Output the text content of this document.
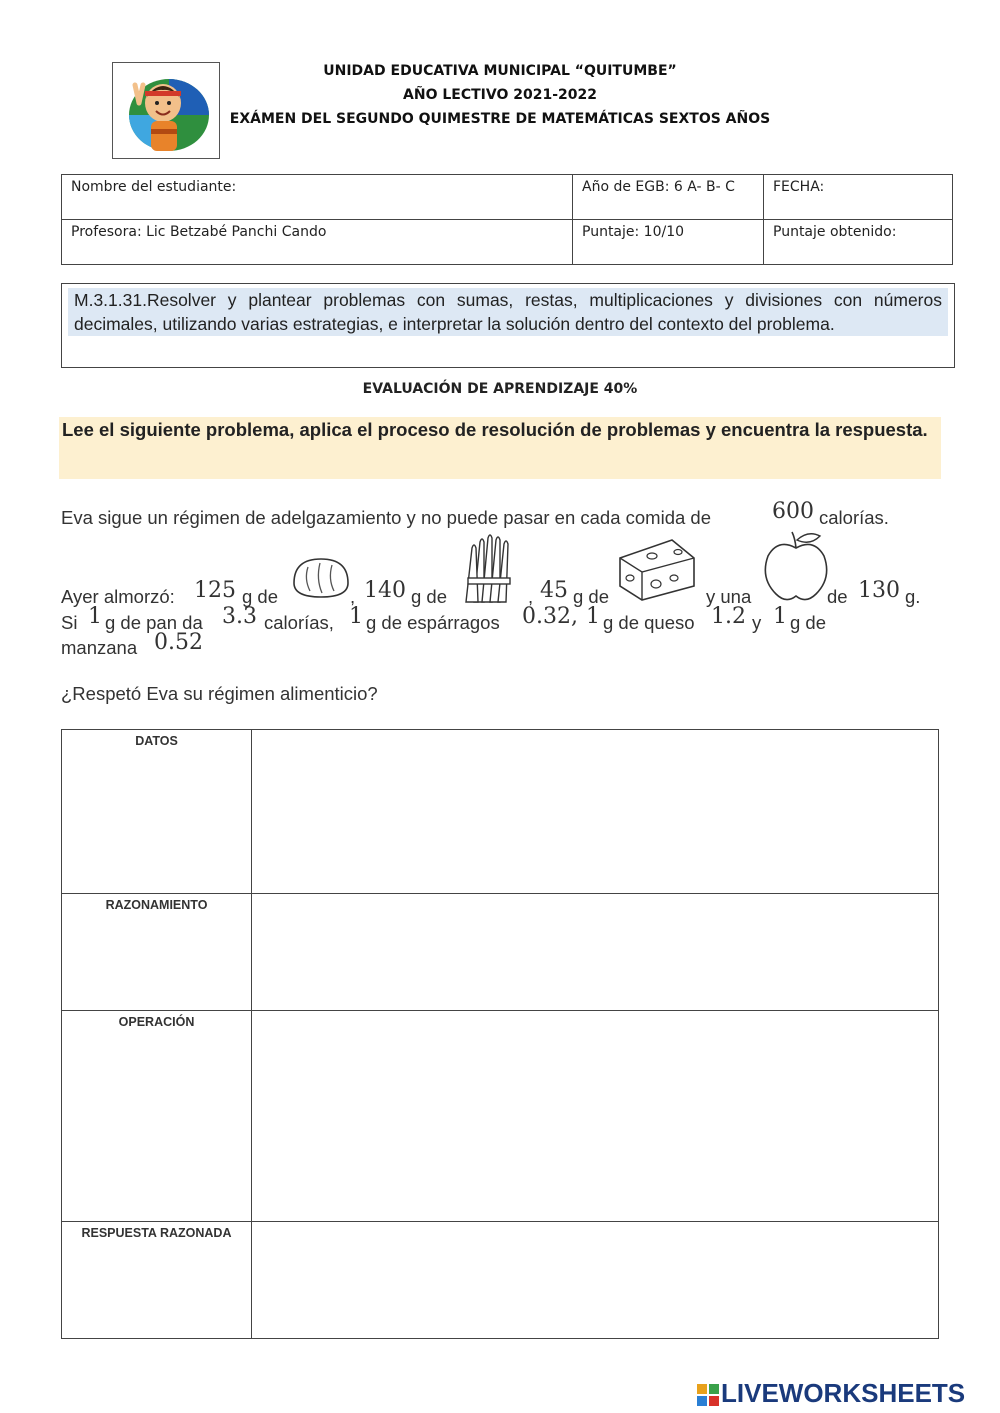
UNIDAD EDUCATIVA MUNICIPAL “QUITUMBE”
AÑO LECTIVO 2021-2022
EXÁMEN DEL SEGUNDO QUIMESTRE DE MATEMÁTICAS SEXTOS AÑOS
Nombre del estudiante:	Año de EGB: 6 A- B- C	FECHA:
Profesora: Lic Betzabé Panchi Cando	Puntaje: 10/10	Puntaje obtenido:
M.3.1.31.Resolver y plantear problemas con sumas, restas, multiplicaciones y divisiones con números decimales, utilizando varias estrategias, e interpretar la solución dentro del contexto del problema.
EVALUACIÓN DE APRENDIZAJE 40%
Lee el siguiente problema, aplica el proceso de resolución de problemas y encuentra la respuesta.
Eva sigue un régimen de adelgazamiento y no puede pasar en cada comida de	600 calorías.
Ayer almorzó: 125 g de	, 140 g de	, 45 g de	y una	de 130 g.
Si 1 g de pan da 3.3 calorías, 1 g de espárragos 0.32, 1 g de queso 1.2 y 1 g de
manzana 0.52
¿Respetó Eva su régimen alimenticio?
DATOS	
RAZONAMIENTO	
OPERACIÓN	
RESPUESTA RAZONADA	
LIVEWORKSHEETS
